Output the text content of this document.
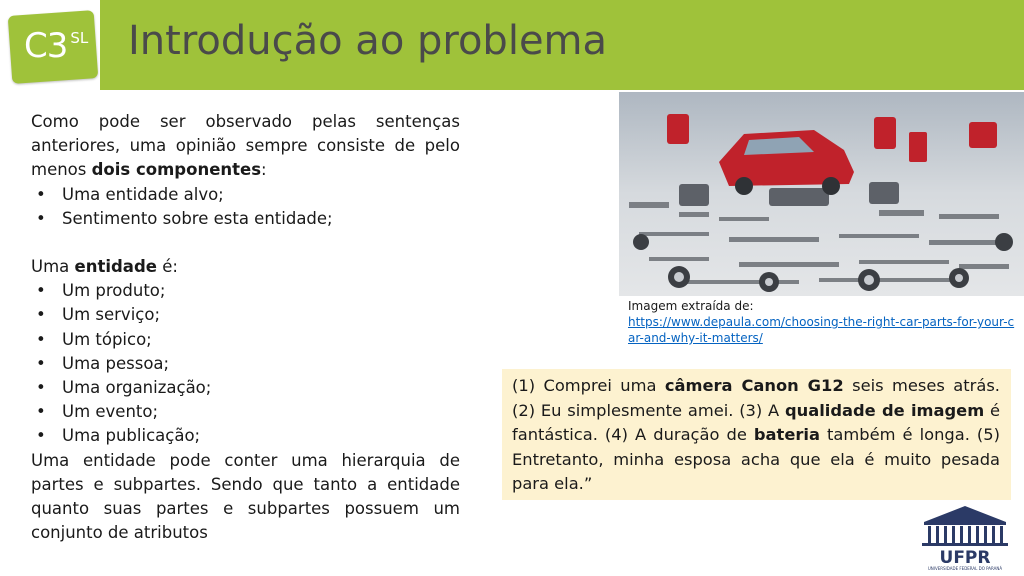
C3 $^{SL}$ Introdução ao problema

Como pode ser observado pelas sentenças anteriores, uma opinião sempre consiste de pelo menos dois componentes:

• Uma entidade alvo;
• Sentimento sobre esta entidade;

Uma entidade é:

• Um produto;
• Um serviço;
• Um tópico;
• Uma pessoa;
• Uma organização;
• Um evento;
• Uma publicação;

Uma entidade pode conter uma hierarquia de partes e subpartes. Sendo que tanto a entidade quanto suas partes e subpartes possuem um conjunto de atributos

Imagem extraída de:
https://www.depaula.com/choosing-the-right-car-parts-for-your-car-and-why-it-matters/

(1) Comprei uma câmera Canon G12 seis meses atrás. (2) Eu simplesmente amei. (3) A qualidade de imagem é fantástica. (4) A duração de bateria também é longa. (5) Entretanto, minha esposa acha que ela é muito pesada para ela.”

UFPR
UNIVERSIDADE FEDERAL DO PARANÁ
